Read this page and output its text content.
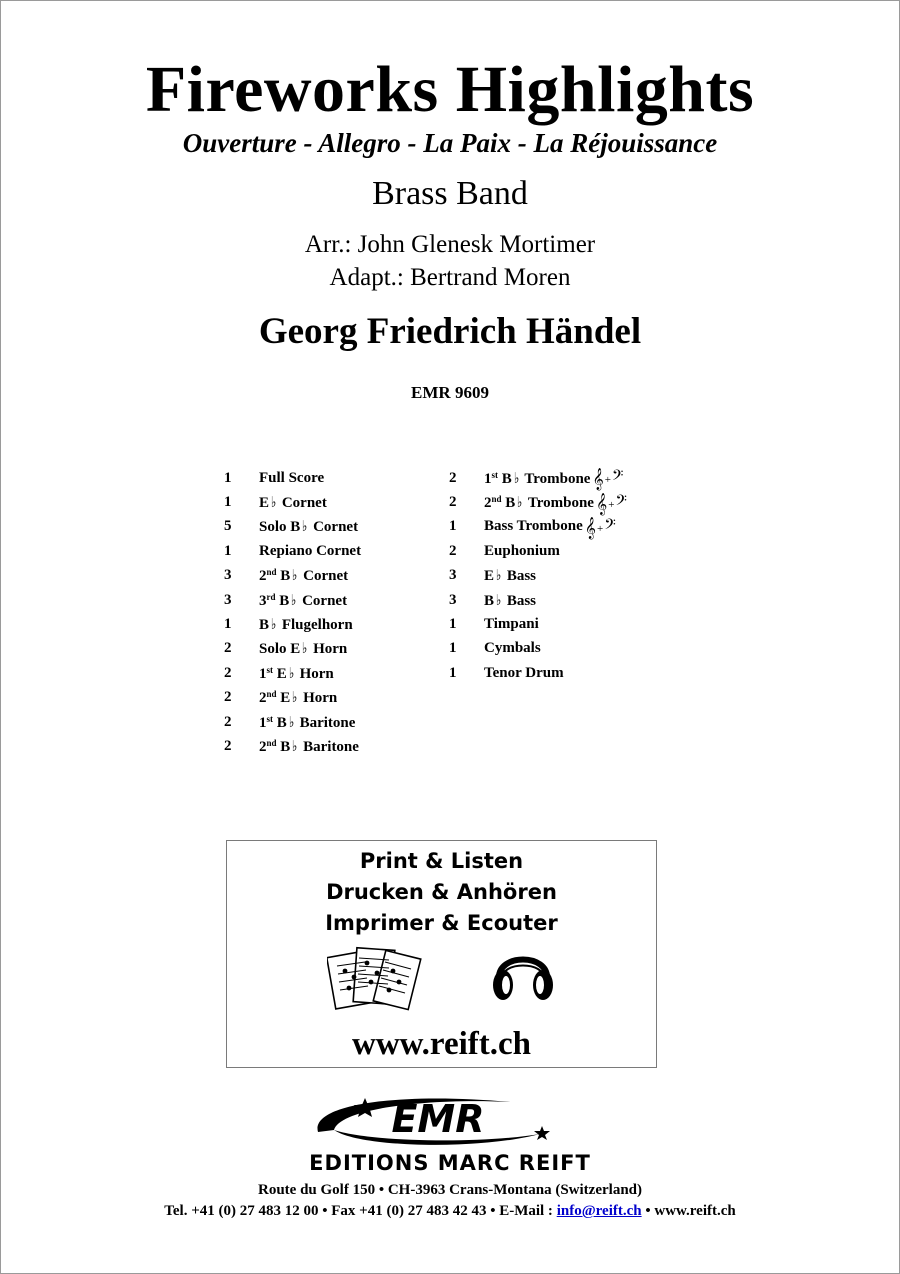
Fireworks Highlights
Ouverture - Allegro - La Paix - La Réjouissance
Brass Band
Arr.: John Glenesk Mortimer
Adapt.: Bertrand Moren
Georg Friedrich Händel
EMR 9609
1	Full Score
1	E ♭ Cornet
5	Solo B ♭ Cornet
1	Repiano Cornet
3	2nd B ♭ Cornet
3	3rd B ♭ Cornet
1	B ♭ Flugelhorn
2	Solo E ♭ Horn
2	1st E ♭ Horn
2	2nd E ♭ Horn
2	1st B ♭ Baritone
2	2nd B ♭ Baritone
2	1st B ♭ Trombone 𝄞+𝄢
2	2nd B ♭ Trombone 𝄞+𝄢
1	Bass Trombone 𝄞+𝄢
2	Euphonium
3	E ♭ Bass
3	B ♭ Bass
1	Timpani
1	Cymbals
1	Tenor Drum
Print & Listen
Drucken & Anhören
Imprimer & Ecouter
www.reift.ch
EMR
EDITIONS MARC REIFT
Route du Golf 150 • CH-3963 Crans-Montana (Switzerland)
Tel. +41 (0) 27 483 12 00 • Fax +41 (0) 27 483 42 43 • E-Mail : info@reift.ch • www.reift.ch
